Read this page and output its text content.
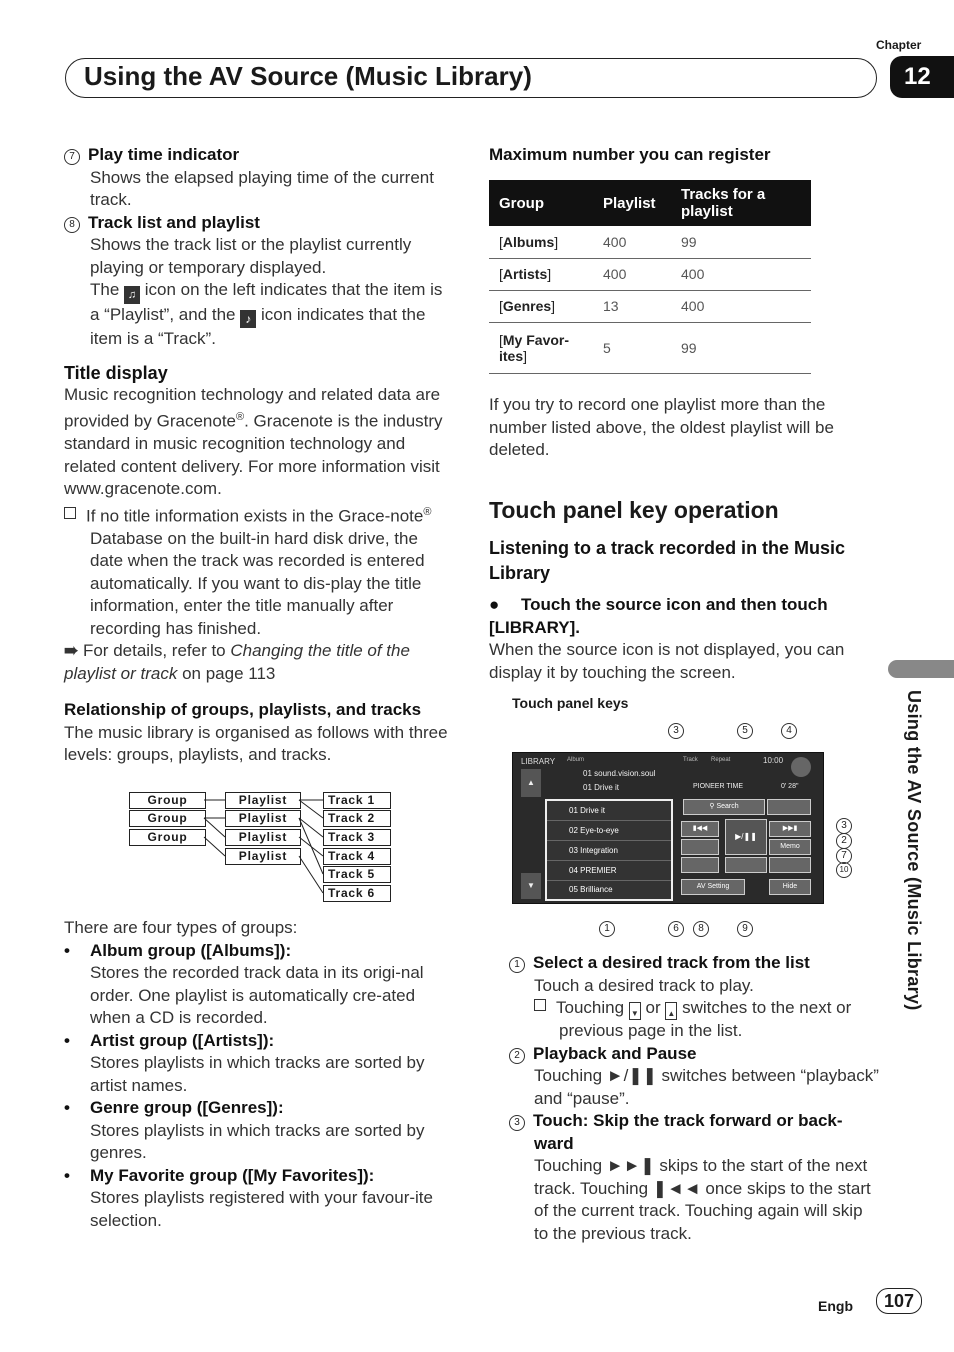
Chapter
Using the AV Source (Music Library)	12
Using the AV Source (Music Library)
7 Play time indicator
Shows the elapsed playing time of the current track.
8 Track list and playlist
Shows the track list or the playlist currently playing or temporary displayed.
The ♫ icon on the left indicates that the item is a “Playlist”, and the ♪ icon indicates that the item is a “Track”.
Title display
Music recognition technology and related data are provided by Gracenote®. Gracenote is the industry standard in music recognition technology and related content delivery. For more information visit www.gracenote.com.
If no title information exists in the Grace-note® Database on the built-in hard disk drive, the date when the track was recorded is entered automatically. If you want to dis-play the title information, enter the title manually after recording has finished.
➠ For details, refer to Changing the title of the playlist or track on page 113
Relationship of groups, playlists, and tracks
The music library is organised as follows with three levels: groups, playlists, and tracks.
Group
Group
Group
Playlist
Playlist
Playlist
Playlist
Track 1
Track 2
Track 3
Track 4
Track 5
Track 6
There are four types of groups:
• Album group ([Albums]):
Stores the recorded track data in its origi-nal order. One playlist is automatically cre-ated when a CD is recorded.
• Artist group ([Artists]):
Stores playlists in which tracks are sorted by artist names.
• Genre group ([Genres]):
Stores playlists in which tracks are sorted by genres.
• My Favorite group ([My Favorites]):
Stores playlists registered with your favour-ite selection.
Maximum number you can register
Group	Playlist	Tracks for a playlist
[Albums]	400	99
[Artists]	400	400
[Genres]	13	400
[My Favor-ites]	5	99
If you try to record one playlist more than the number listed above, the oldest playlist will be deleted.
Touch panel key operation
Listening to a track recorded in the Music Library
● Touch the source icon and then touch [LIBRARY].
When the source icon is not displayed, you can display it by touching the screen.
Touch panel keys
3	5	4
3
2
7
10
1	6	8	9
LIBRARY Album	Track Repeat	10:00
01 sound.vision.soul
01 Drive it
▲
▼
01 Drive it
02 Eye-to-eye
03 Integration
04 PREMIER
05 Brilliance
⚲ Search
PIONEER TIME	0' 28"
▮◀◀
▶/❚❚
▶▶▮
Memo
AV Setting	Hide
1 Select a desired track from the list
Touch a desired track to play.
Touching ▼ or ▲ switches to the next or previous page in the list.
2 Playback and Pause
Touching ►/❚❚ switches between “playback” and “pause”.
3 Touch: Skip the track forward or back-ward
Touching ►►❚ skips to the start of the next track. Touching ❚◄◄ once skips to the start of the current track. Touching again will skip to the previous track.
Engb	107
